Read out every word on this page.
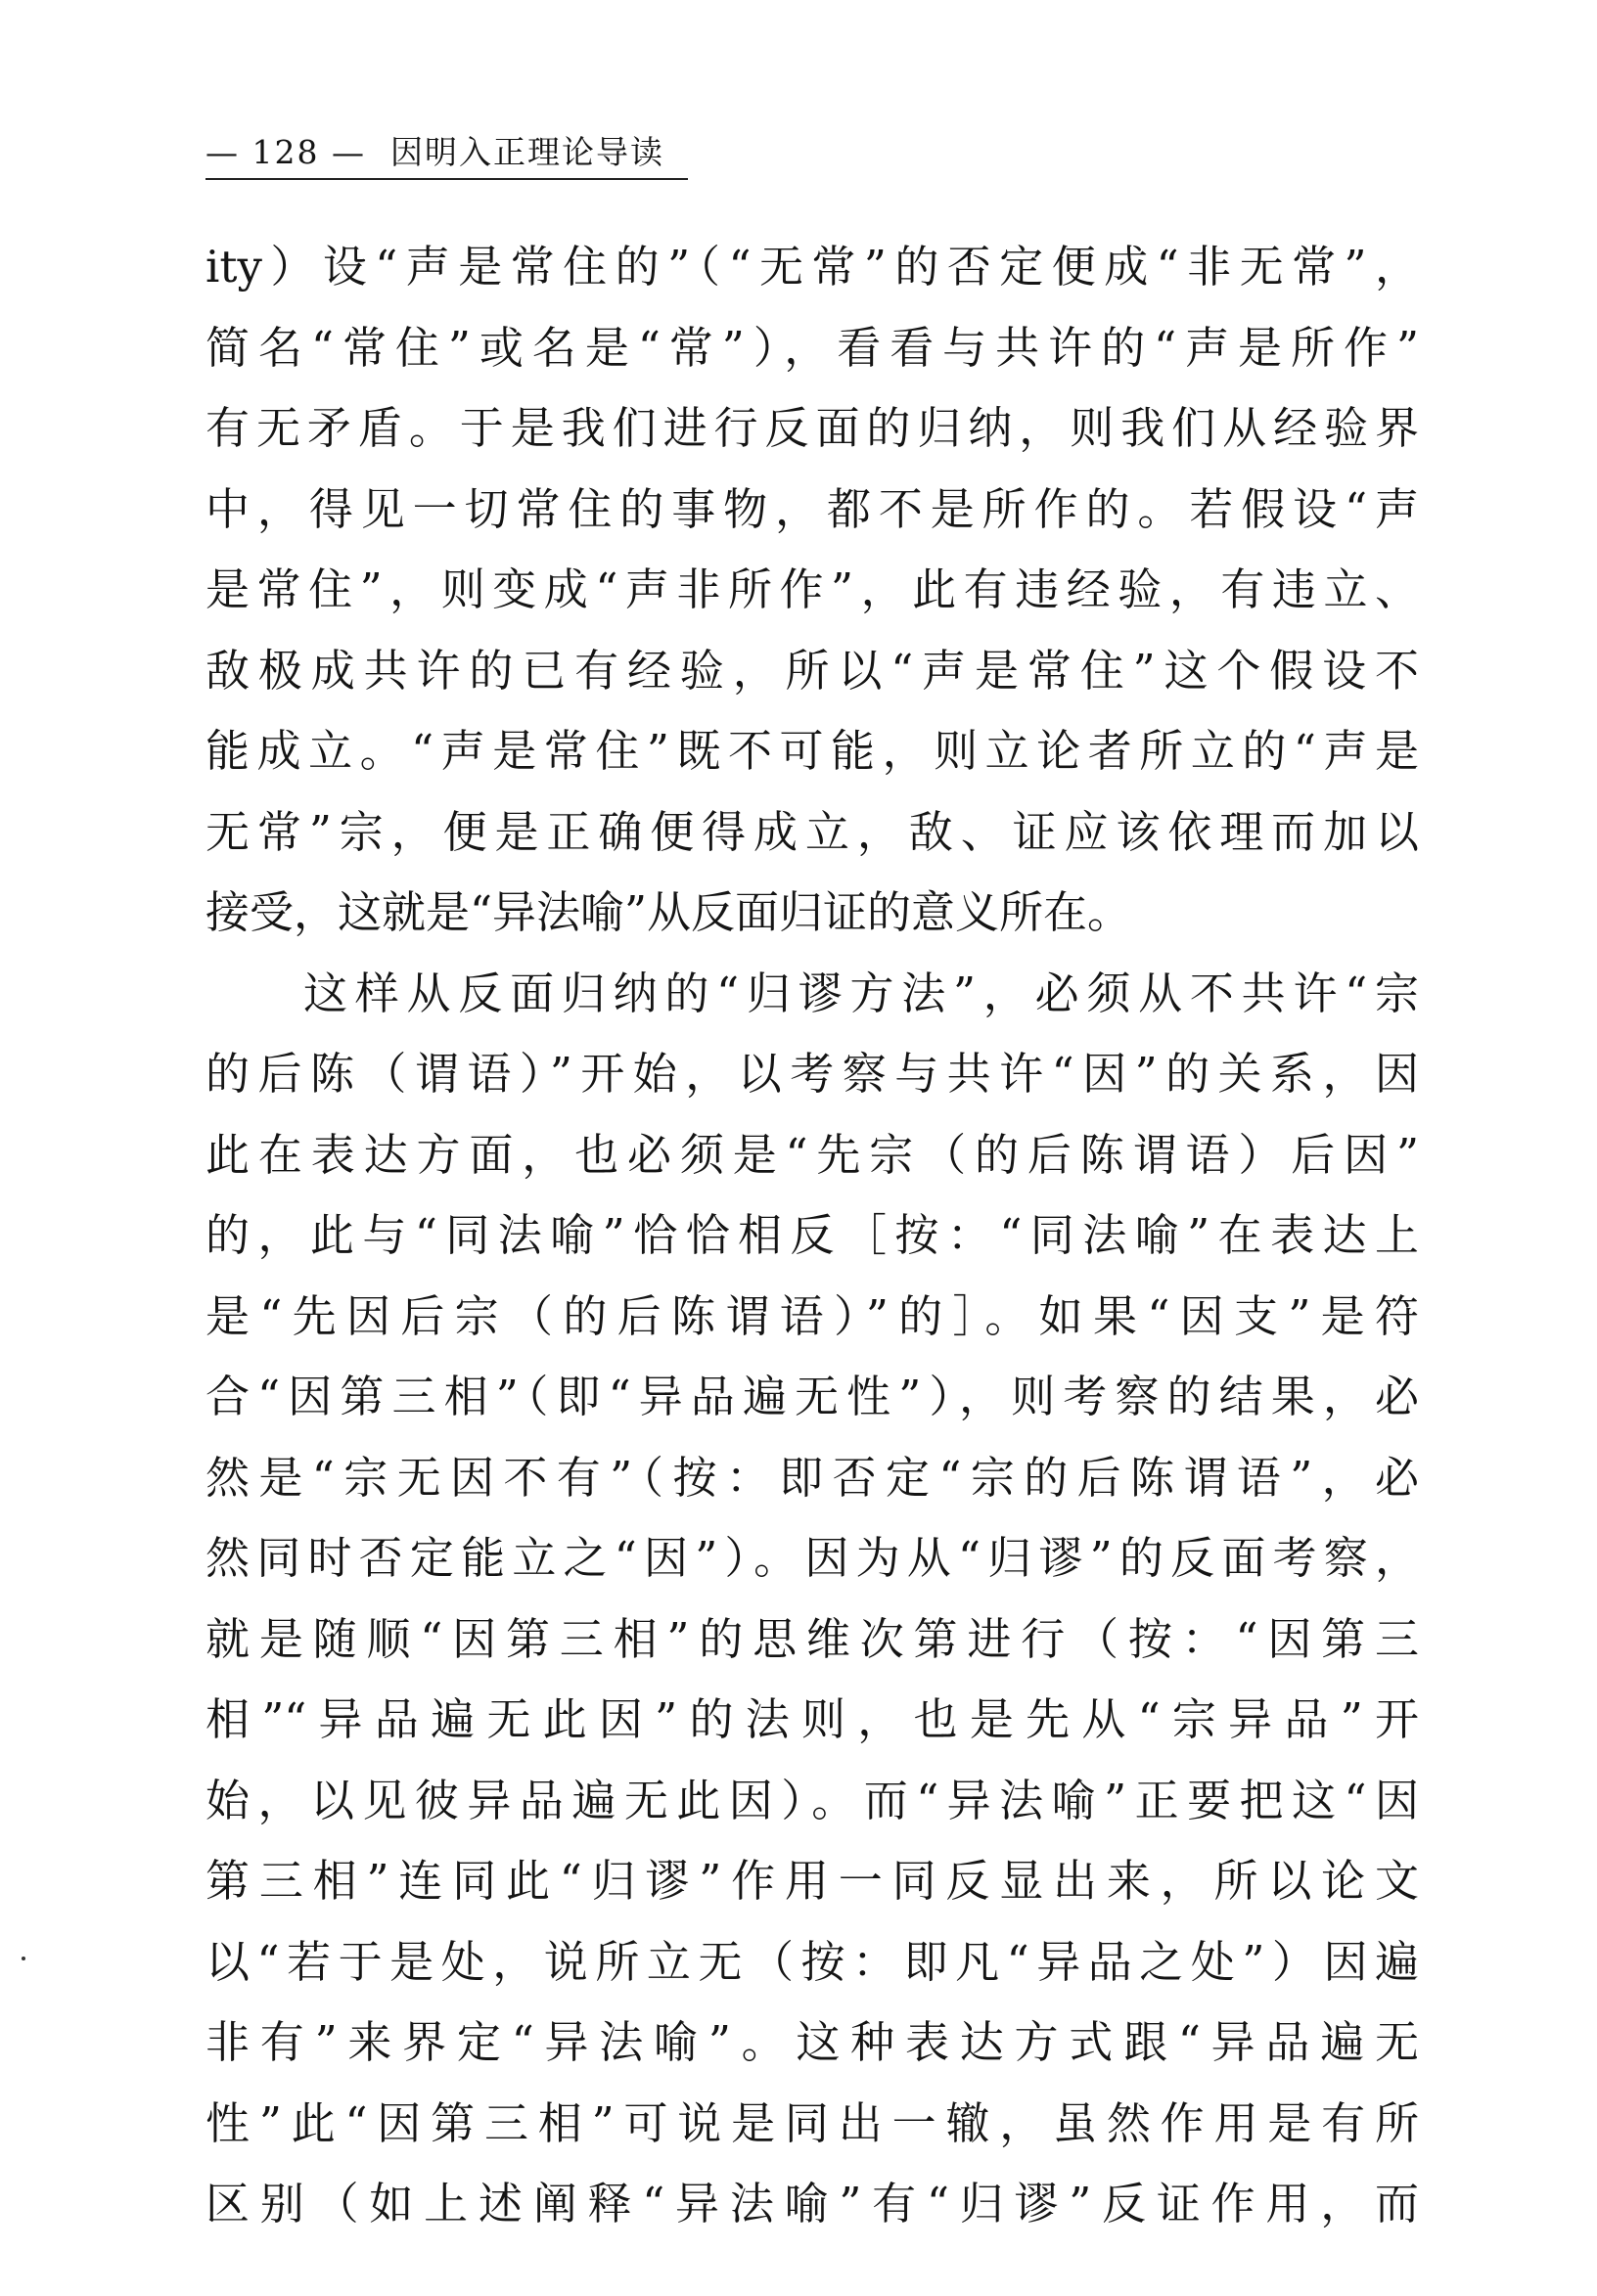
— 128 —  因明入正理论导读
ity）设“声是常住的”（“无常”的否定便成“非无常”，
简名“常住”或名是“常”），看看与共许的“声是所作”
有无矛盾。于是我们进行反面的归纳，则我们从经验界
中，得见一切常住的事物，都不是所作的。若假设“声
是常住”，则变成“声非所作”，此有违经验，有违立、
敌极成共许的已有经验，所以“声是常住”这个假设不
能成立。“声是常住”既不可能，则立论者所立的“声是
无常”宗，便是正确便得成立，敌、证应该依理而加以
接受，这就是“异法喻”从反面归证的意义所在。
这样从反面归纳的“归谬方法”，必须从不共许“宗
的后陈（谓语）”开始，以考察与共许“因”的关系，因
此在表达方面，也必须是“先宗（的后陈谓语）后因”
的，此与“同法喻”恰恰相反［按：“同法喻”在表达上
是“先因后宗（的后陈谓语）”的］。如果“因支”是符
合“因第三相”（即“异品遍无性”），则考察的结果，必
然是“宗无因不有”（按：即否定“宗的后陈谓语”，必
然同时否定能立之“因”）。因为从“归谬”的反面考察，
就是随顺“因第三相”的思维次第进行（按：“因第三
相”“异品遍无此因”的法则，也是先从“宗异品”开
始，以见彼异品遍无此因）。而“异法喻”正要把这“因
第三相”连同此“归谬”作用一同反显出来，所以论文
以“若于是处，说所立无（按：即凡“异品之处”）因遍
非有”来界定“异法喻”。这种表达方式跟“异品遍无
性”此“因第三相”可说是同出一辙，虽然作用是有所
区别（如上述阐释“异法喻”有“归谬”反证作用，而
